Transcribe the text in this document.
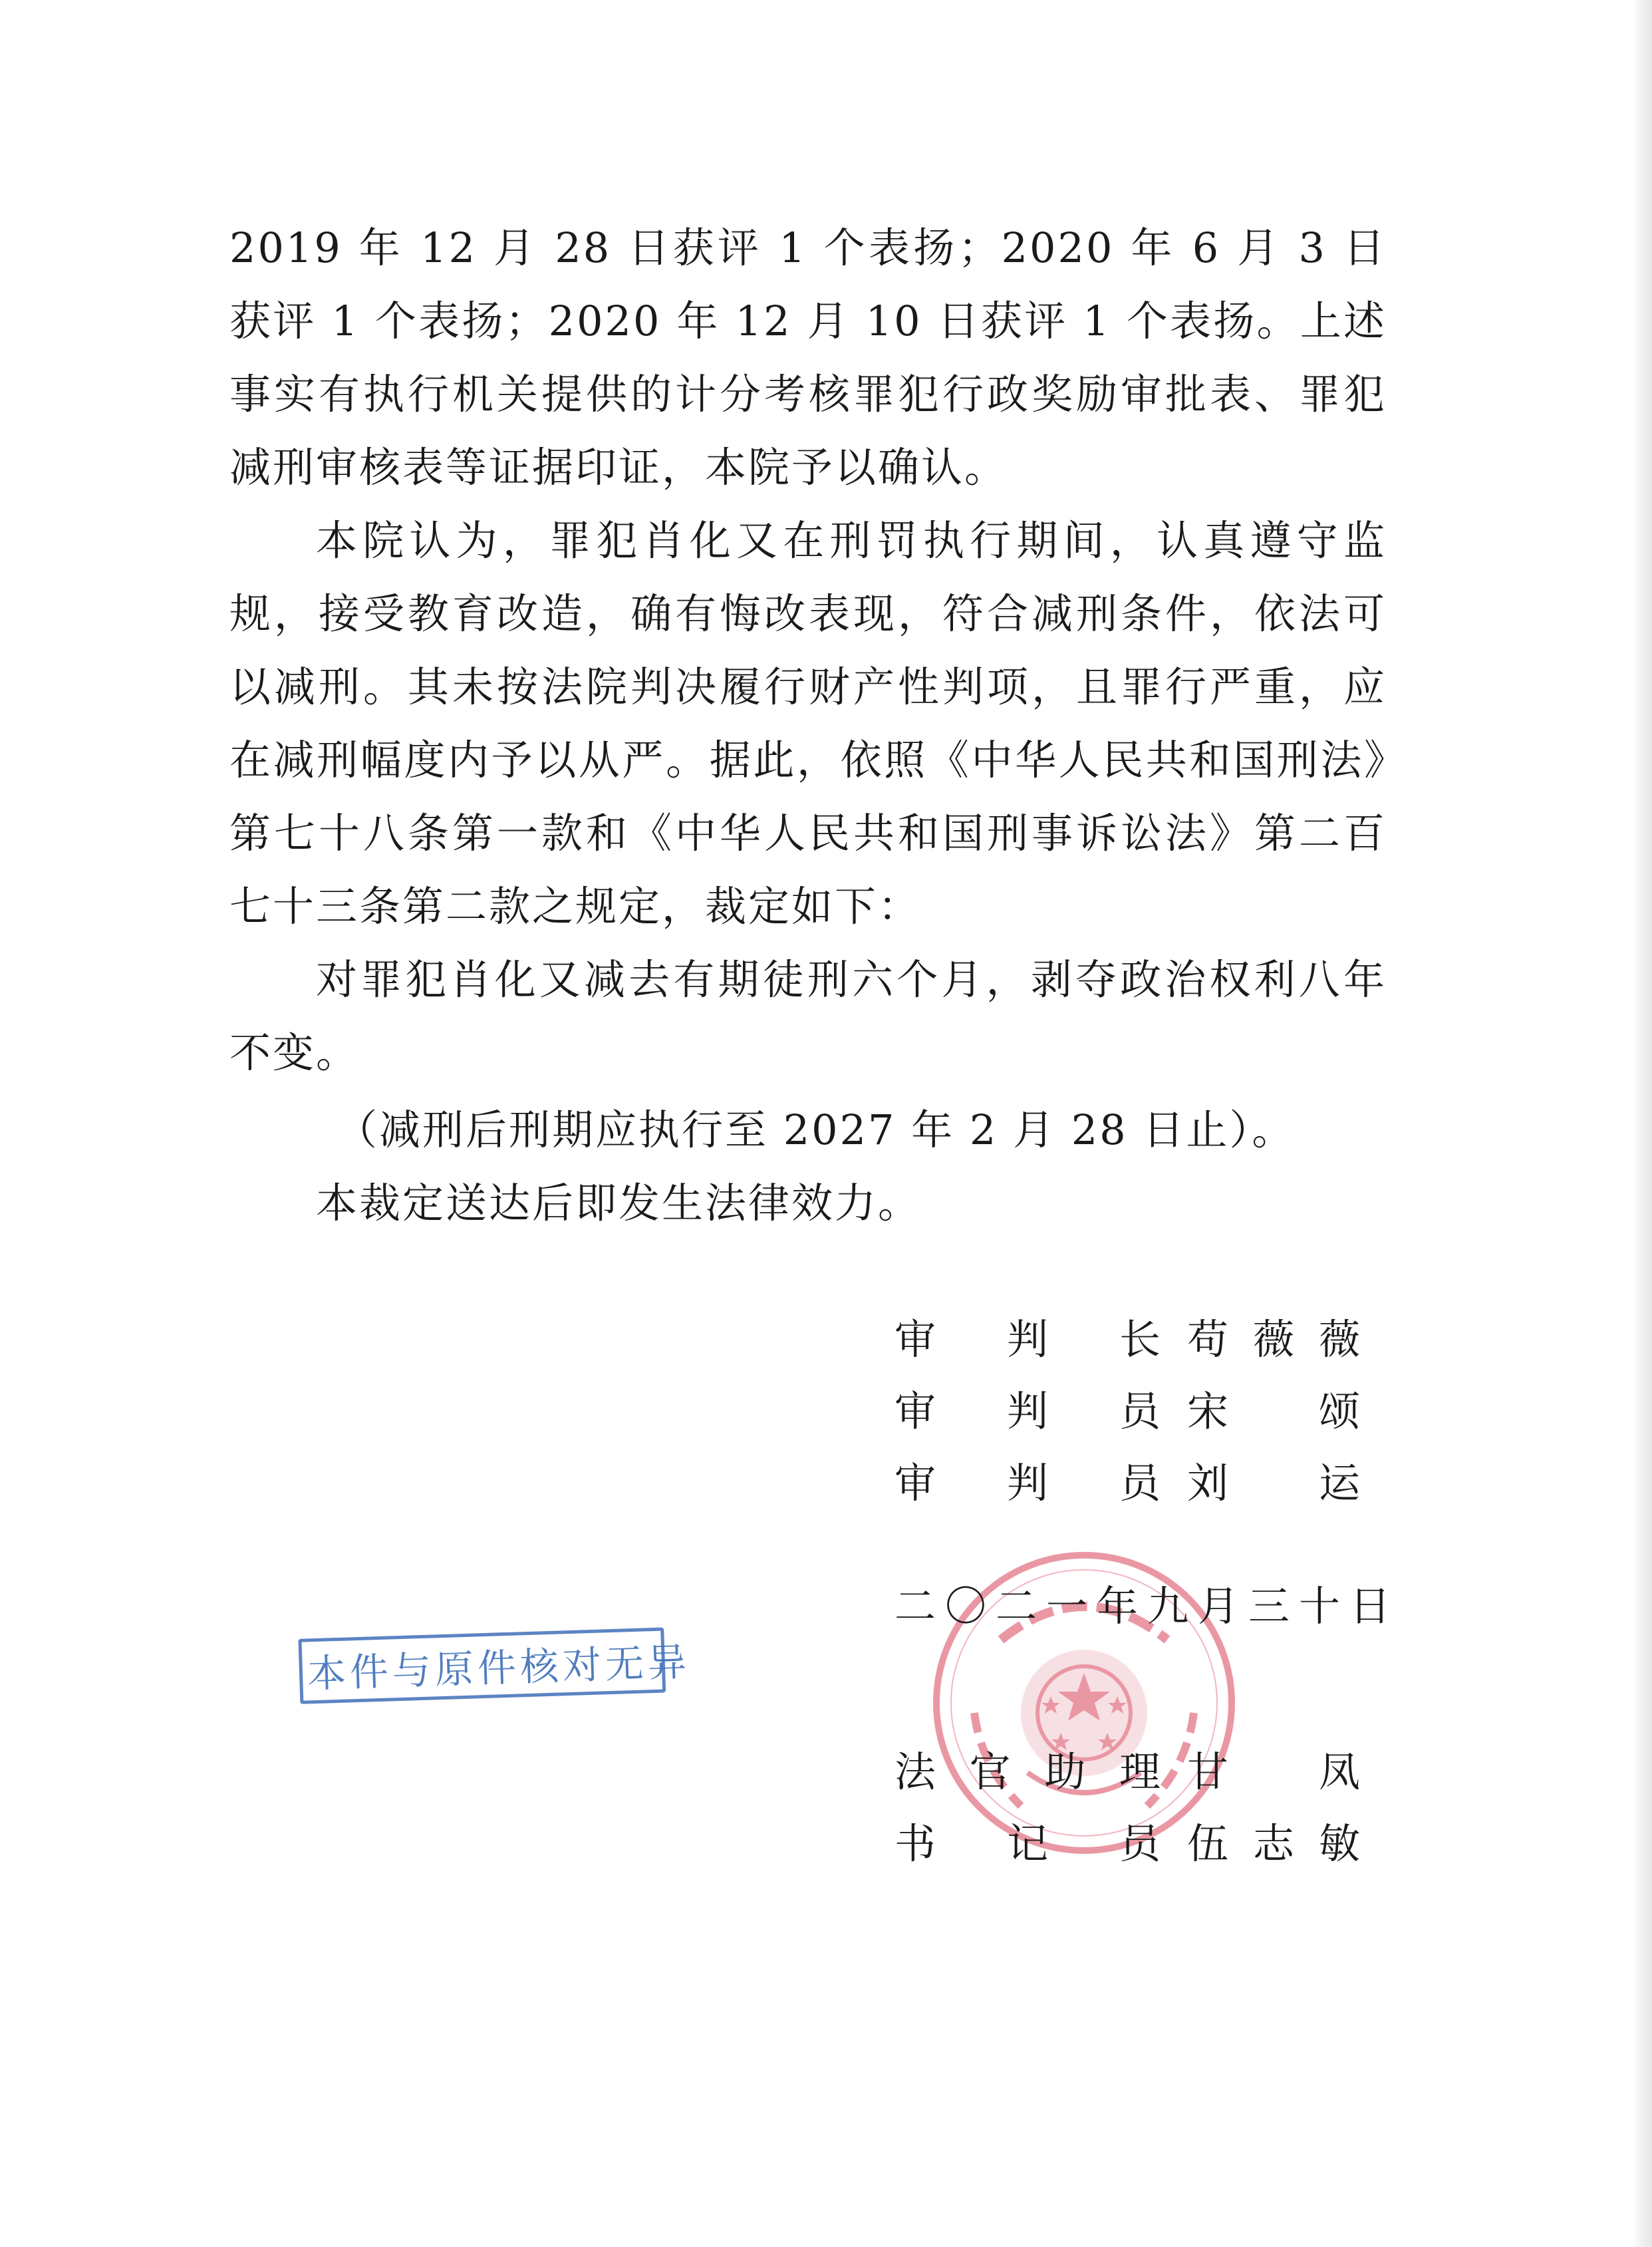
2019 年 12 月 28 日获评 1 个表扬；2020 年 6 月 3 日获评 1 个表扬；2020 年 12 月 10 日获评 1 个表扬。上述事实有执行机关提供的计分考核罪犯行政奖励审批表、罪犯减刑审核表等证据印证，本院予以确认。

本院认为，罪犯肖化又在刑罚执行期间，认真遵守监规，接受教育改造，确有悔改表现，符合减刑条件，依法可以减刑。其未按法院判决履行财产性判项，且罪行严重，应在减刑幅度内予以从严。据此，依照《中华人民共和国刑法》第七十八条第一款和《中华人民共和国刑事诉讼法》第二百七十三条第二款之规定，裁定如下：

对罪犯肖化又减去有期徒刑六个月，剥夺政治权利八年不变。

（减刑后刑期应执行至 2027 年 2 月 28 日止）。

本裁定送达后即发生法律效力。

审 判 长 苟 薇 薇
审 判 员 宋 颂
审 判 员 刘 运
二〇二一年九月三十日
法 官 助 理 甘 凤
书 记 员 伍 志 敏
本件与原件核对无异
